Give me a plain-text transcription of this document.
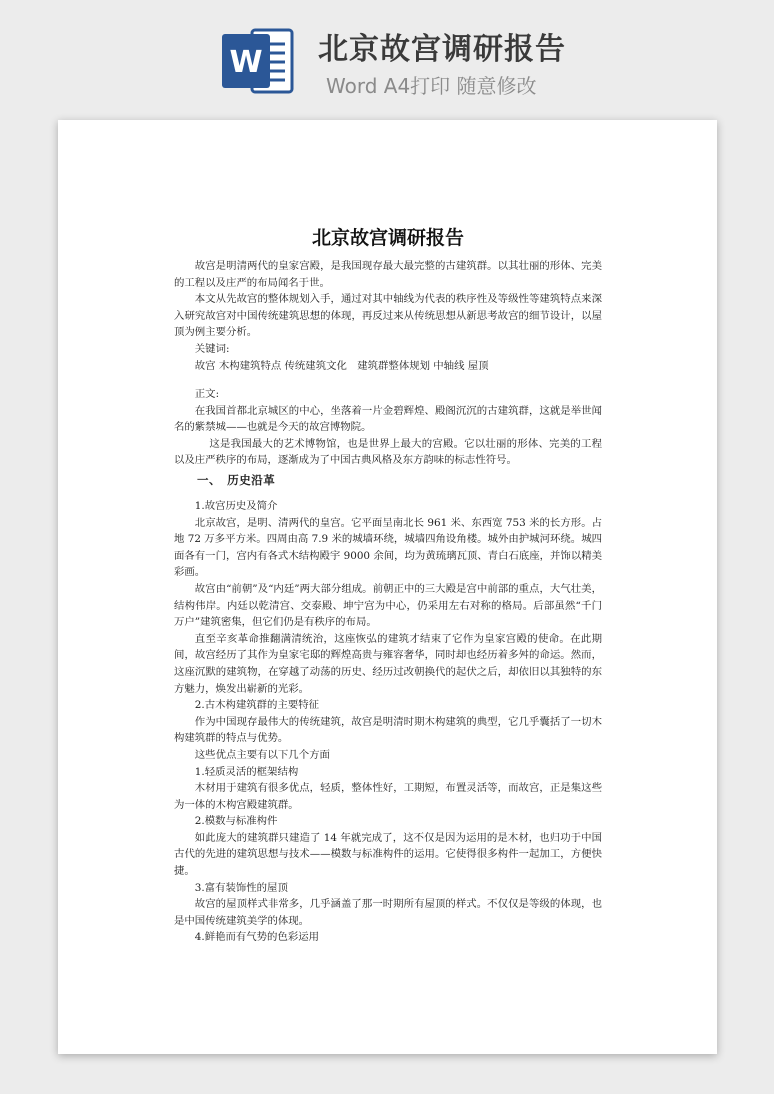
W 北京故宫调研报告
Word A4打印 随意修改
北京故宫调研报告

故宫是明清两代的皇家宫殿，是我国现存最大最完整的古建筑群。以其壮丽的形体、完美的工程以及庄严的布局闻名于世。

本文从先故宫的整体规划入手，通过对其中轴线为代表的秩序性及等级性等建筑特点来深入研究故宫对中国传统建筑思想的体现，再反过来从传统思想从新思考故宫的细节设计，以屋顶为例主要分析。

关键词:

故宫 木构建筑特点 传统建筑文化　建筑群整体规划 中轴线 屋顶

正文:

在我国首都北京城区的中心，坐落着一片金碧辉煌、殿阁沉沉的古建筑群，这就是举世闻名的紫禁城——也就是今天的故宫博物院。

这是我国最大的艺术博物馆，也是世界上最大的宫殿。它以壮丽的形体、完美的工程以及庄严秩序的布局，逐渐成为了中国古典风格及东方韵味的标志性符号。

一、　历史沿革

1.故宫历史及简介

北京故宫，是明、清两代的皇宫。它平面呈南北长 961 米、东西宽 753 米的长方形。占地 72 万多平方米。四周由高 7.9 米的城墙环绕，城墙四角设角楼。城外由护城河环绕。城四面各有一门，宫内有各式木结构殿宇 9000 余间，均为黄琉璃瓦顶、青白石底座，并饰以精美彩画。

故宫由“前朝”及“内廷”两大部分组成。前朝正中的三大殿是宫中前部的重点，大气壮美，结构伟岸。内廷以乾清宫、交泰殿、坤宁宫为中心，仍采用左右对称的格局。后部虽然“千门万户”建筑密集，但它们仍是有秩序的布局。

直至辛亥革命推翻满清统治，这座恢弘的建筑才结束了它作为皇家宫殿的使命。在此期间，故宫经历了其作为皇家宅邸的辉煌高贵与雍容奢华，同时却也经历着多舛的命运。然而，这座沉默的建筑物，在穿越了动荡的历史、经历过改朝换代的起伏之后，却依旧以其独特的东方魅力，焕发出崭新的光彩。

2.古木构建筑群的主要特征

作为中国现存最伟大的传统建筑，故宫是明清时期木构建筑的典型，它几乎囊括了一切木构建筑群的特点与优势。

这些优点主要有以下几个方面

1.轻质灵活的框架结构

木材用于建筑有很多优点，轻质，整体性好，工期短，布置灵活等，而故宫，正是集这些为一体的木构宫殿建筑群。

2.模数与标准构件

如此庞大的建筑群只建造了 14 年就完成了，这不仅是因为运用的是木材，也归功于中国古代的先进的建筑思想与技术——模数与标准构件的运用。它使得很多构件一起加工，方便快捷。

3.富有装饰性的屋顶

故宫的屋顶样式非常多，几乎涵盖了那一时期所有屋顶的样式。不仅仅是等级的体现，也是中国传统建筑美学的体现。

4.鲜艳而有气势的色彩运用
